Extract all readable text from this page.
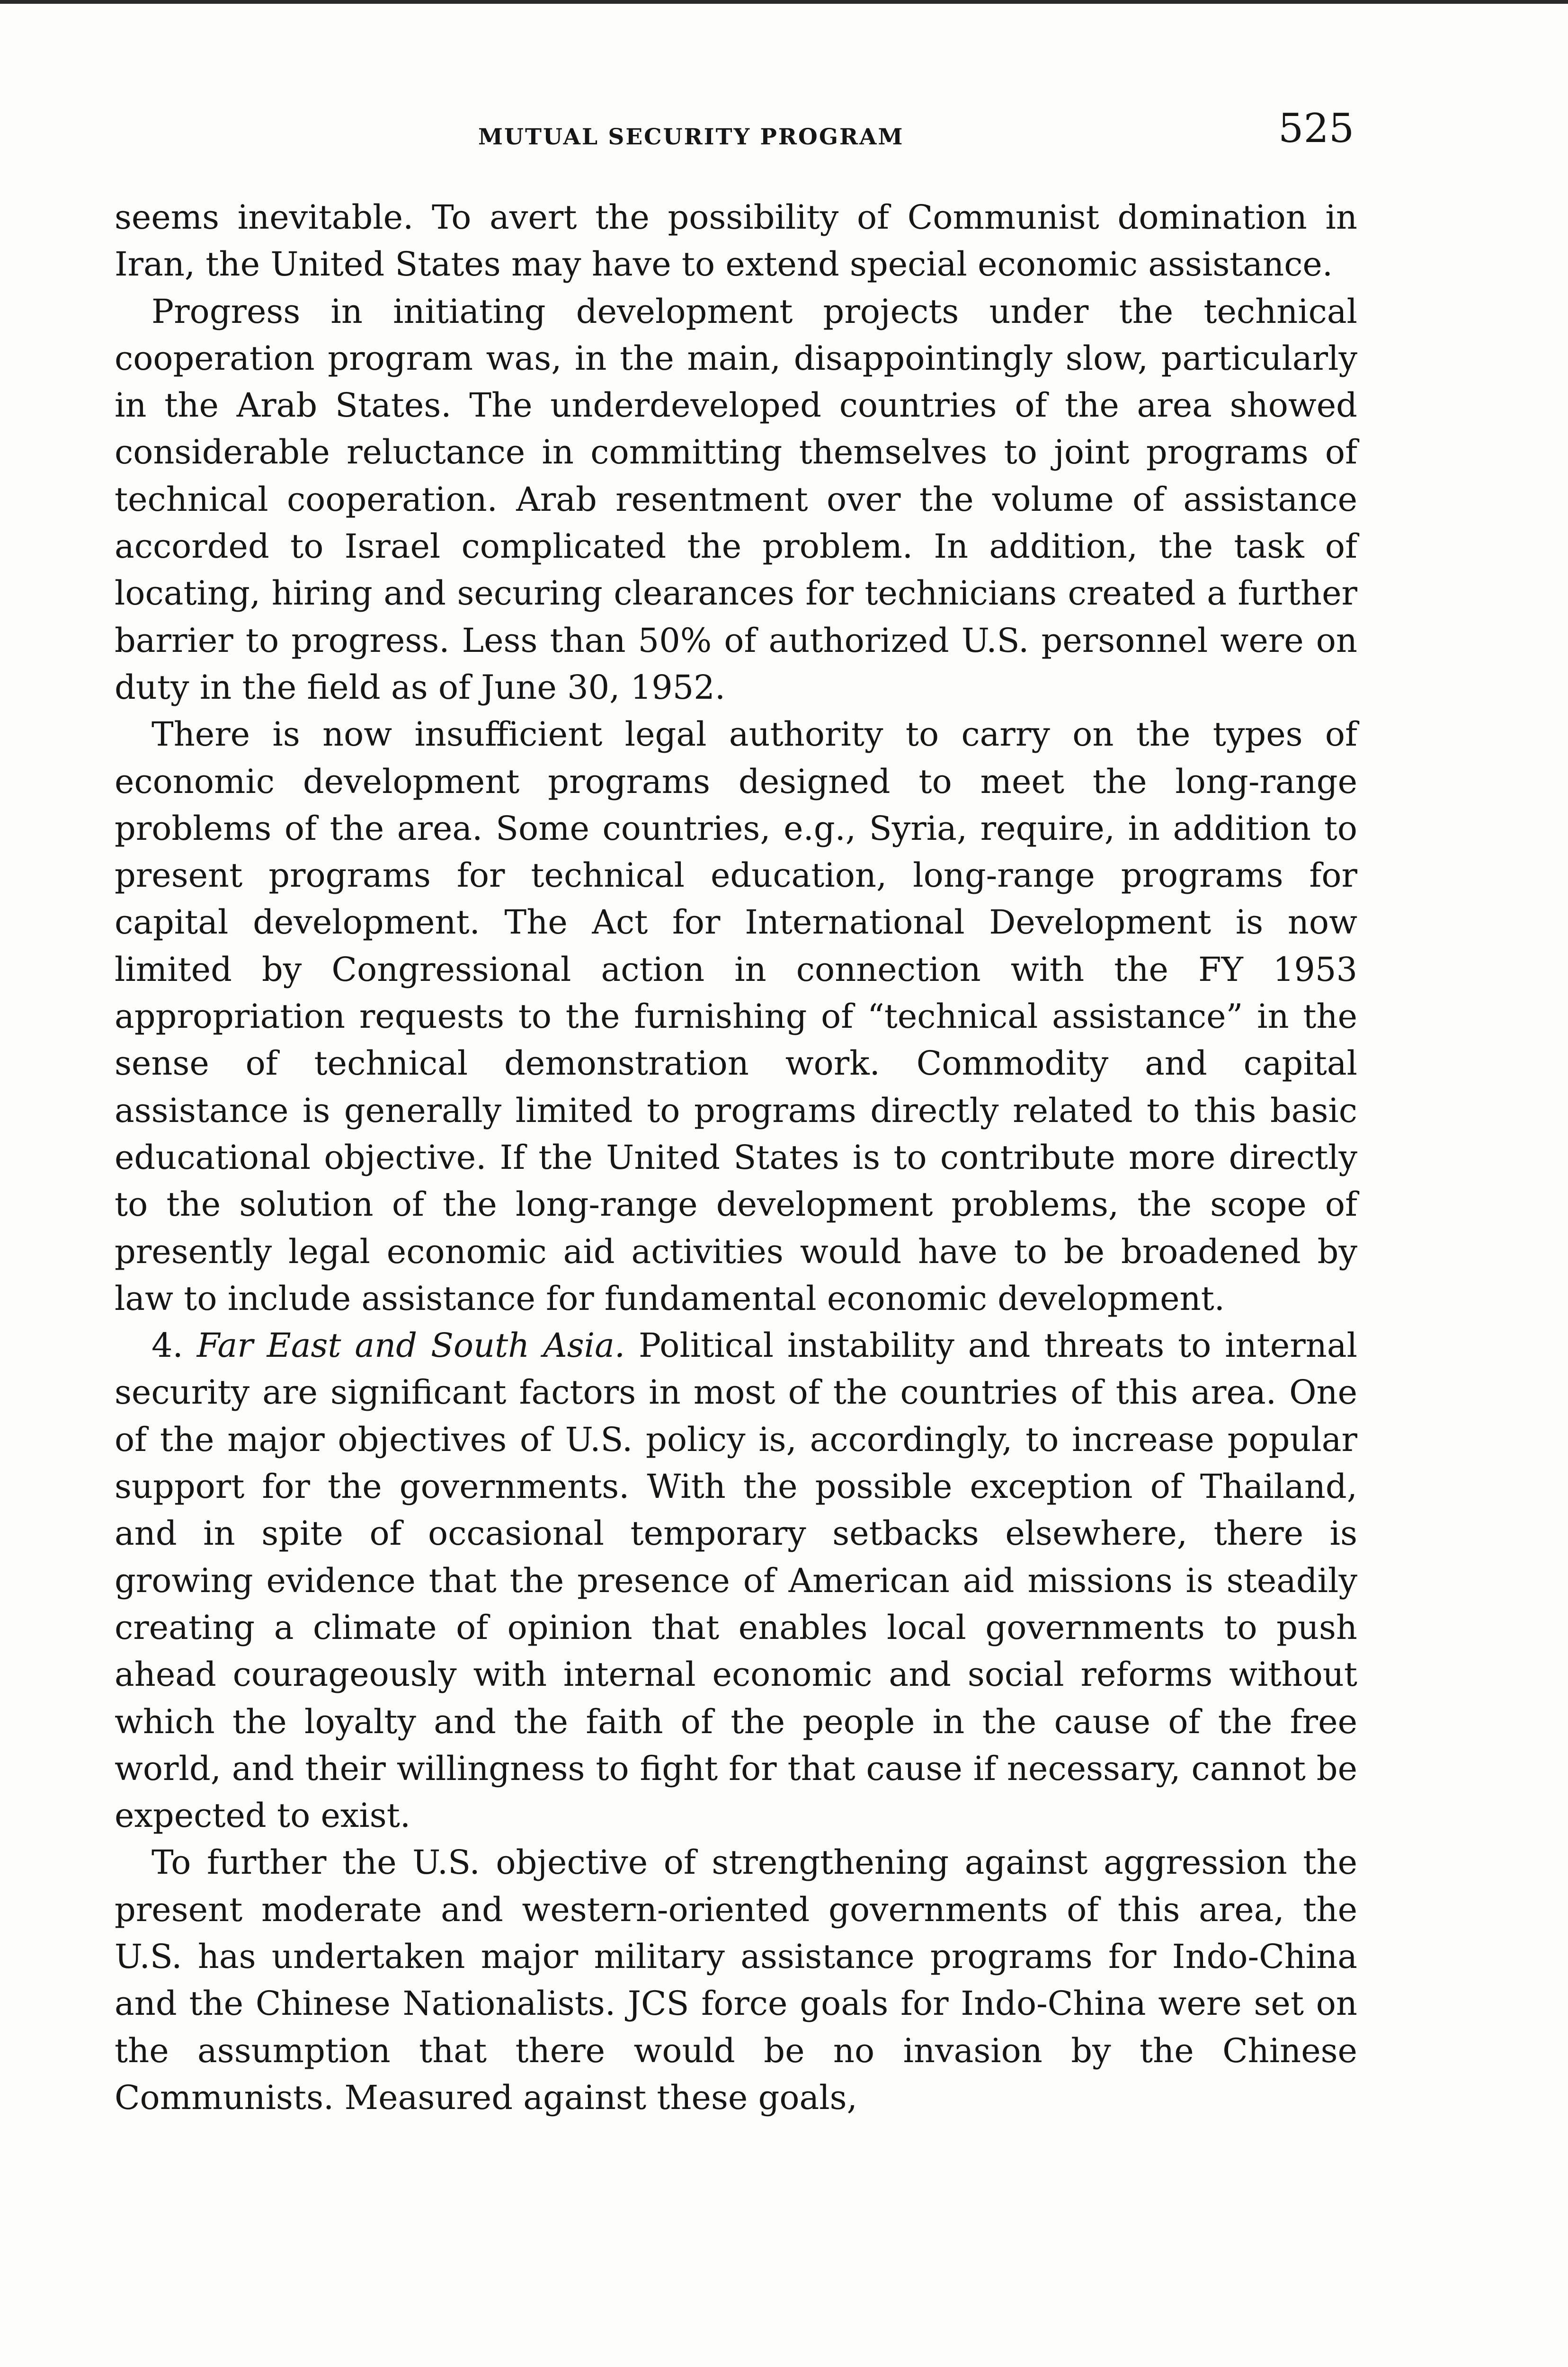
MUTUAL SECURITY PROGRAM	525

seems inevitable. To avert the possibility of Communist domination in Iran, the United States may have to extend special economic assistance.

Progress in initiating development projects under the technical cooperation program was, in the main, disappointingly slow, particularly in the Arab States. The underdeveloped countries of the area showed considerable reluctance in committing themselves to joint programs of technical cooperation. Arab resentment over the volume of assistance accorded to Israel complicated the problem. In addition, the task of locating, hiring and securing clearances for technicians created a further barrier to progress. Less than 50% of authorized U.S. personnel were on duty in the field as of June 30, 1952.

There is now insufficient legal authority to carry on the types of economic development programs designed to meet the long-range problems of the area. Some countries, e.g., Syria, require, in addition to present programs for technical education, long-range programs for capital development. The Act for International Development is now limited by Congressional action in connection with the FY 1953 appropriation requests to the furnishing of “technical assistance” in the sense of technical demonstration work. Commodity and capital assistance is generally limited to programs directly related to this basic educational objective. If the United States is to contribute more directly to the solution of the long-range development problems, the scope of presently legal economic aid activities would have to be broadened by law to include assistance for fundamental economic development.

4. Far East and South Asia. Political instability and threats to internal security are significant factors in most of the countries of this area. One of the major objectives of U.S. policy is, accordingly, to increase popular support for the governments. With the possible exception of Thailand, and in spite of occasional temporary setbacks elsewhere, there is growing evidence that the presence of American aid missions is steadily creating a climate of opinion that enables local governments to push ahead courageously with internal economic and social reforms without which the loyalty and the faith of the people in the cause of the free world, and their willingness to fight for that cause if necessary, cannot be expected to exist.

To further the U.S. objective of strengthening against aggression the present moderate and western-oriented governments of this area, the U.S. has undertaken major military assistance programs for Indo-China and the Chinese Nationalists. JCS force goals for Indo-China were set on the assumption that there would be no invasion by the Chinese Communists. Measured against these goals,
